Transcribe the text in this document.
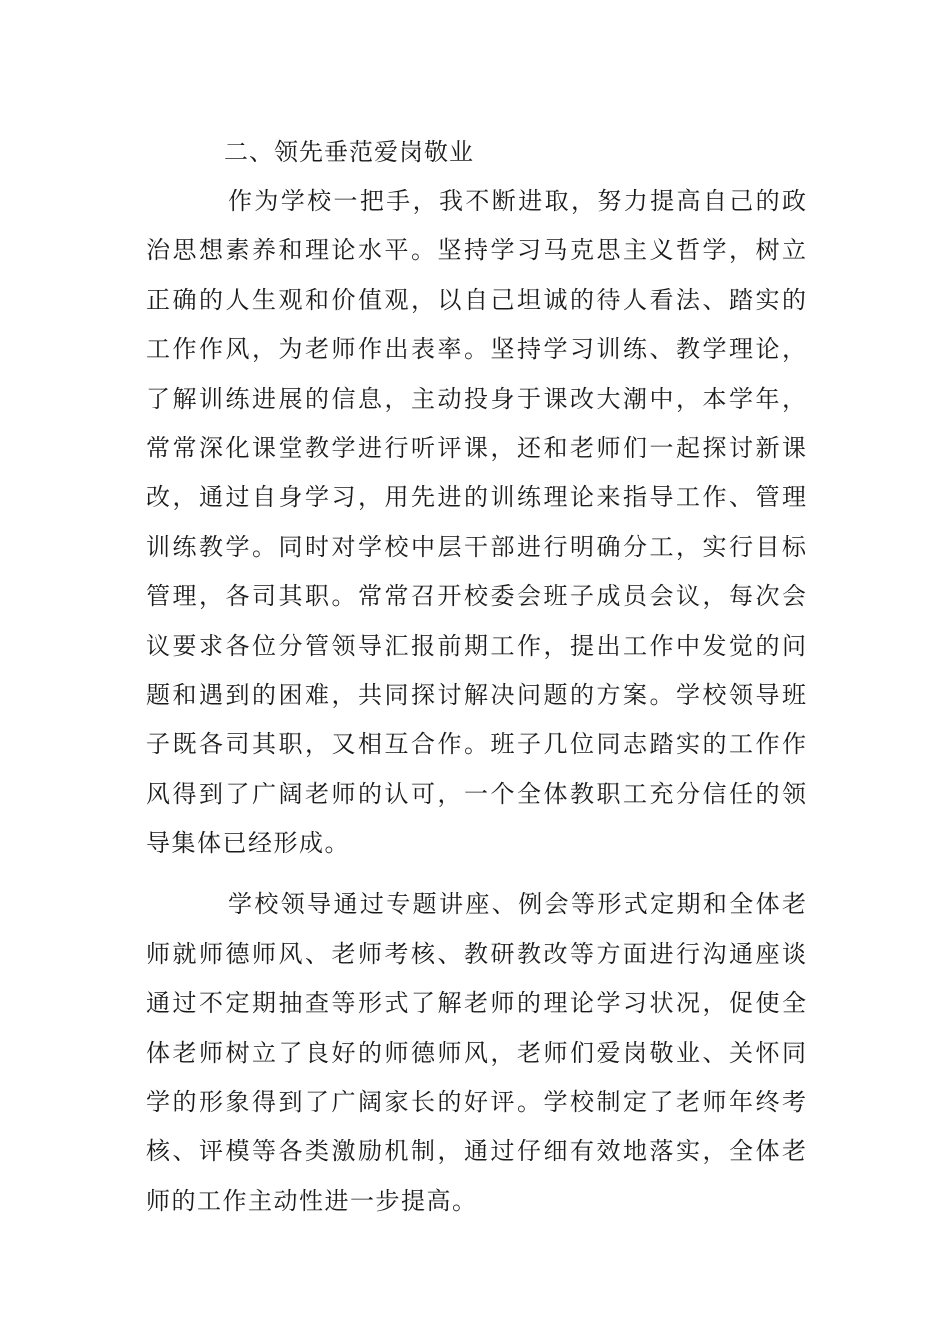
二、领先垂范爱岗敬业
作为学校一把手，我不断进取，努力提高自己的政
治思想素养和理论水平。坚持学习马克思主义哲学，树立
正确的人生观和价值观，以自己坦诚的待人看法、踏实的
工作作风，为老师作出表率。坚持学习训练、教学理论，
了解训练进展的信息，主动投身于课改大潮中，本学年，
常常深化课堂教学进行听评课，还和老师们一起探讨新课
改，通过自身学习，用先进的训练理论来指导工作、管理
训练教学。同时对学校中层干部进行明确分工，实行目标
管理，各司其职。常常召开校委会班子成员会议，每次会
议要求各位分管领导汇报前期工作，提出工作中发觉的问
题和遇到的困难，共同探讨解决问题的方案。学校领导班
子既各司其职，又相互合作。班子几位同志踏实的工作作
风得到了广阔老师的认可，一个全体教职工充分信任的领
导集体已经形成。
学校领导通过专题讲座、例会等形式定期和全体老
师就师德师风、老师考核、教研教改等方面进行沟通座谈
通过不定期抽查等形式了解老师的理论学习状况，促使全
体老师树立了良好的师德师风，老师们爱岗敬业、关怀同
学的形象得到了广阔家长的好评。学校制定了老师年终考
核、评模等各类激励机制，通过仔细有效地落实，全体老
师的工作主动性进一步提高。
